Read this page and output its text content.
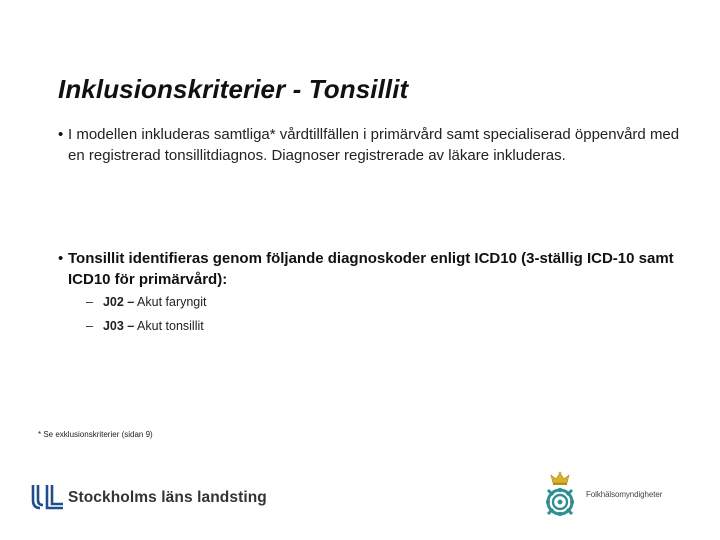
Inklusionskriterier - Tonsillit
• I modellen inkluderas samtliga* vårdtillfällen i primärvård samt specialiserad öppenvård med en registrerad tonsillitdiagnos. Diagnoser registrerade av läkare inkluderas.
• Tonsillit identifieras genom följande diagnoskoder enligt ICD10 (3-ställig ICD-10 samt ICD10 för primärvård):
– J02 – Akut faryngit
– J03 – Akut tonsillit
* Se exklusionskriterier (sidan 9)
Stockholms läns landsting	Folkhälsomyndigheter
